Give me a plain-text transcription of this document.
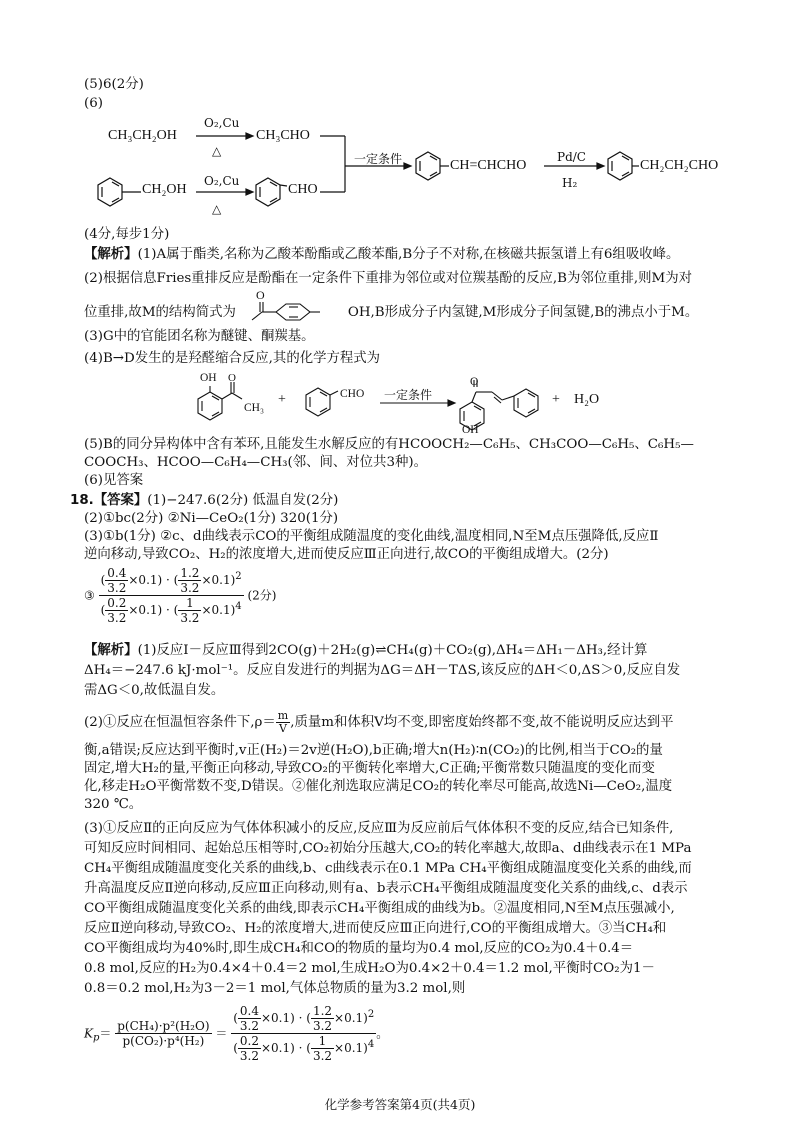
(5)6(2分)
(6)
CH₃CH₂OH
O₂,Cu
△
CH₃CHO
CH₂OH
O₂,Cu
△
CHO
一定条件	CH=CHCHO
Pd/C
H₂
CH₂CH₂CHO
(4分,每步1分)
【解析】(1)A属于酯类,名称为乙酸苯酚酯或乙酸苯酯,B分子不对称,在核磁共振氢谱上有6组吸收峰。
(2)根据信息Fries重排反应是酚酯在一定条件下重排为邻位或对位羰基酚的反应,B为邻位重排,则M为对
位重排,故M的结构简式为	OH,B形成分子内氢键,M形成分子间氢键,B的沸点小于M。
O
(3)G中的官能团名称为醚键、酮羰基。
(4)B→D发生的是羟醛缩合反应,其的化学方程式为
OH
CH₃
+	CHO 一定条件
O
OH
+ H₂O
O
(5)B的同分异构体中含有苯环,且能发生水解反应的有HCOOCH₂—C₆H₅、CH₃COO—C₆H₅、C₆H₅—
COOCH₃、HCOO—C₆H₄—CH₃(邻、间、对位共3种)。
(6)见答案
18.【答案】(1)−247.6(2分) 低温自发(2分)
(2)①bc(2分) ②Ni—CeO₂(1分) 320(1分)
(3)①b(1分) ②c、d曲线表示CO的平衡组成随温度的变化曲线,温度相同,N至M点压强降低,反应Ⅱ
逆向移动,导致CO₂、H₂的浓度增大,进而使反应Ⅲ正向进行,故CO的平衡组成增大。(2分)
③ $\frac{( \frac{0.4}{3.2} \times 0.1) \cdot ( \frac{1.2}{3.2} \times 0.1)^2}{( \frac{0.2}{3.2} \times 0.1) \cdot ( \frac{1}{3.2} \times 0.1)^4} (2$分)
【解析】(1)反应Ⅰ－反应Ⅲ得到2CO(g)＋2H₂(g)⇌CH₄(g)＋CO₂(g),ΔH₄＝ΔH₁－ΔH₃,经计算
ΔH₄＝−247.6 kJ·mol⁻¹。反应自发进行的判据为ΔG＝ΔH－TΔS,该反应的ΔH＜0,ΔS＞0,反应自发
需ΔG＜0,故低温自发。
(2)①反应在恒温恒容条件下$,\rho= \frac{m}{V}$ ,质量m和体积V均不变,即密度始终都不变,故不能说明反应达到平
衡,a错误;反应达到平衡时,v正(H₂)＝2v逆(H₂O),b正确;增大n(H₂)∶n(CO₂)的比例,相当于CO₂的量
固定,增大H₂的量,平衡正向移动,导致CO₂的平衡转化率增大,C正确;平衡常数只随温度的变化而变
化,移走H₂O平衡常数不变,D错误。②催化剂选取应满足CO₂的转化率尽可能高,故选Ni—CeO₂,温度
320 ℃。
(3)①反应Ⅱ的正向反应为气体体积减小的反应,反应Ⅲ为反应前后气体体积不变的反应,结合已知条件,
可知反应时间相同、起始总压相等时,CO₂初始分压越大,CO₂的转化率越大,故即a、d曲线表示在1 MPa
CH₄平衡组成随温度变化关系的曲线,b、c曲线表示在0.1 MPa CH₄平衡组成随温度变化关系的曲线,而
升高温度反应Ⅱ逆向移动,反应Ⅲ正向移动,则有a、b表示CH₄平衡组成随温度变化关系的曲线,c、d表示
CO平衡组成随温度变化关系的曲线,即表示CH₄平衡组成的曲线为b。②温度相同,N至M点压强减小,
反应Ⅱ逆向移动,导致CO₂、H₂的浓度增大,进而使反应Ⅲ正向进行,CO的平衡组成增大。③当CH₄和
CO平衡组成均为40%时,即生成CH₄和CO的物质的量均为0.4 mol,反应的CO₂为0.4＋0.4＝
0.8 mol,反应的H₂为0.4×4＋0.4＝2 mol,生成H₂O为0.4×2＋0.4＝1.2 mol,平衡时CO₂为1－
0.8＝0.2 mol,H₂为3－2＝1 mol,气体总物质的量为3.2 mol,则
$K_p= \frac{\text{p(CH₄)·p²(H₂O)}}{\text{p(CO₂)·p⁴(H₂)}} = \frac{( \frac{0.4}{3.2} \times 0.1) \cdot ( \frac{1.2}{3.2} \times 0.1)^2}{( \frac{0.2}{3.2} \times 0.1) \cdot ( \frac{1}{3.2} \times 0.1)^4}$ 。
化学参考答案第4页(共4页)
